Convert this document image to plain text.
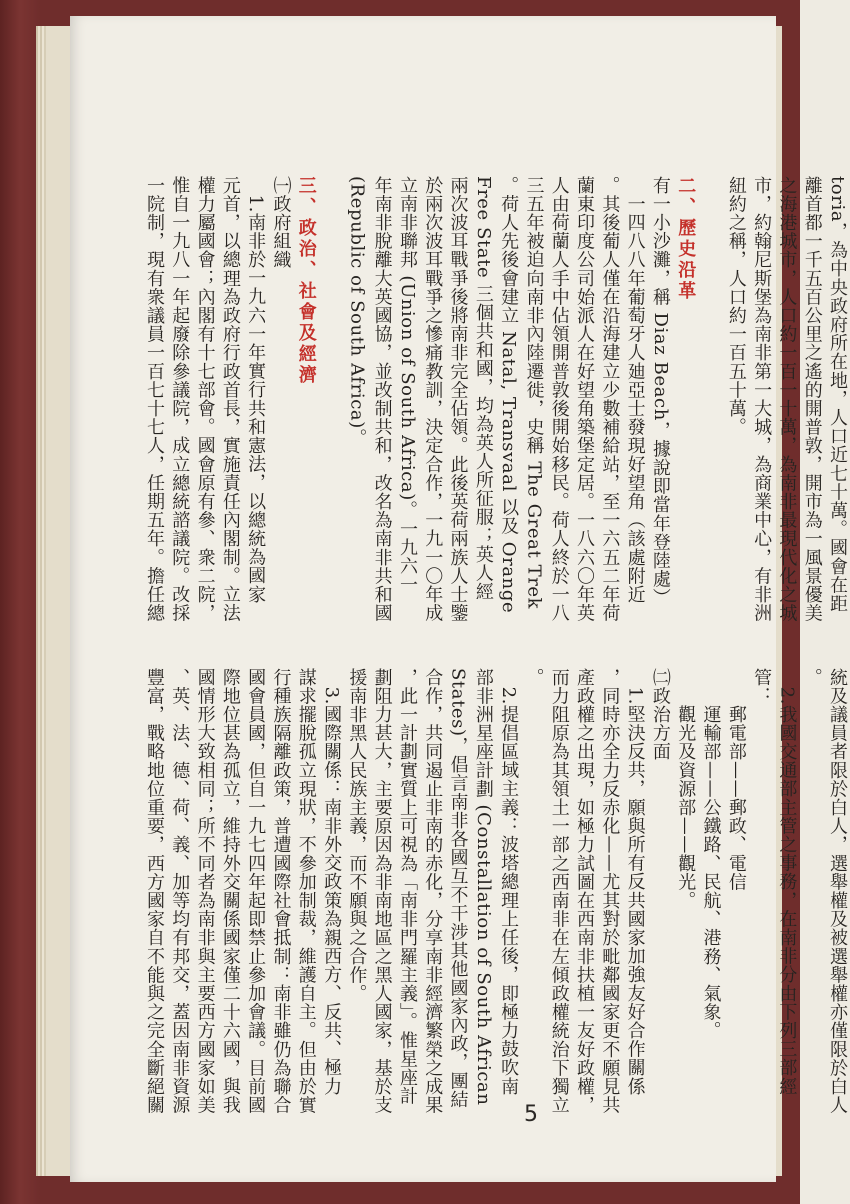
toria，為中央政府所在地，人口近七十萬。國會在距
離首都一千五百公里之遙的開普敦，開市為一風景優美
之海港城市，人口約一百一十萬，為南非最現代化之城
市，約翰尼斯堡為南非第一大城，為商業中心，有非洲
紐約之稱，人口約一百五十萬。

二、歷史沿革
有一小沙灘，稱 Diaz Beach，據說即當年登陸處）
　一四八八年葡萄牙人廸亞士發現好望角（該處附近
。其後葡人僅在沿海建立少數補給站，至一六五二年荷
蘭東印度公司始派人在好望角築堡定居。一八六〇年英
人由荷蘭人手中佔領開普敦後開始移民。荷人終於一八
三五年被迫向南非內陸遷徙，史稱 The Great Trek
。荷人先後會建立 Natal, Transvaal 以及 Orange
Free State 三個共和國，均為英人所征服；英人經
兩次波耳戰爭後將南非完全佔領。此後英荷兩族人士鑒
於兩次波耳戰爭之慘痛教訓，決定合作，一九一〇年成
立南非聯邦 (Union of South Africa)。一九六一
年南非脫離大英國協，並改制共和，改名為南非共和國
(Republic of South Africa)。

三、政治、社會及經濟
㈠政府組織
　1.南非於一九六一年實行共和憲法，以總統為國家
元首，以總理為政府行政首長，實施責任內閣制。立法
權力屬國會；內閣有十七部會。國會原有參、衆二院，
惟自一九八一年起廢除參議院，成立總統諮議院。改採
一院制，現有衆議員一百七十七人，任期五年。擔任總
統及議員者限於白人，選舉權及被選舉權亦僅限於白人
。
　2.我國交通部主管之事務，在南非分由下列三部經
管：
　　郵電部——郵政、電信
　　運輸部——公鐵路、民航、港務、氣象。
　　觀光及資源部——觀光。
㈡政治方面
　1.堅決反共，願與所有反共國家加強友好合作關係
，同時亦全力反赤化——尤其對於毗鄰國家更不願見共
產政權之出現，如極力試圖在西南非扶植一友好政權，
而力阻原為其領土一部之西南非在左傾政權統治下獨立
。
　2.提倡區域主義：波塔總理上任後，即極力鼓吹南
部非洲星座計劃 (Constallation of South African
States)，倡言南非各國互不干涉其他國家內政，團結
合作，共同遏止非南的赤化，分享南非經濟繁榮之成果
，此一計劃實質上可視為「南非門羅主義」。惟星座計
劃阻力甚大，主要原因為非南地區之黑人國家，基於支
援南非黑人民族主義，而不願與之合作。
　3.國際關係：南非外交政策為親西方、反共、極力
謀求擺脫孤立現狀，不參加制裁，維護自主。但由於實
行種族隔離政策，普遭國際社會抵制：南非雖仍為聯合
國會員國，但自一九七四年起即禁止參加會議。目前國
際地位甚為孤立，維持外交關係國家僅二十六國，與我
國情形大致相同；所不同者為南非與主要西方國家如美
、英、法、德、荷、義、加等均有邦交，蓋因南非資源
豐富，戰略地位重要，西方國家自不能與之完全斷絕關
5
